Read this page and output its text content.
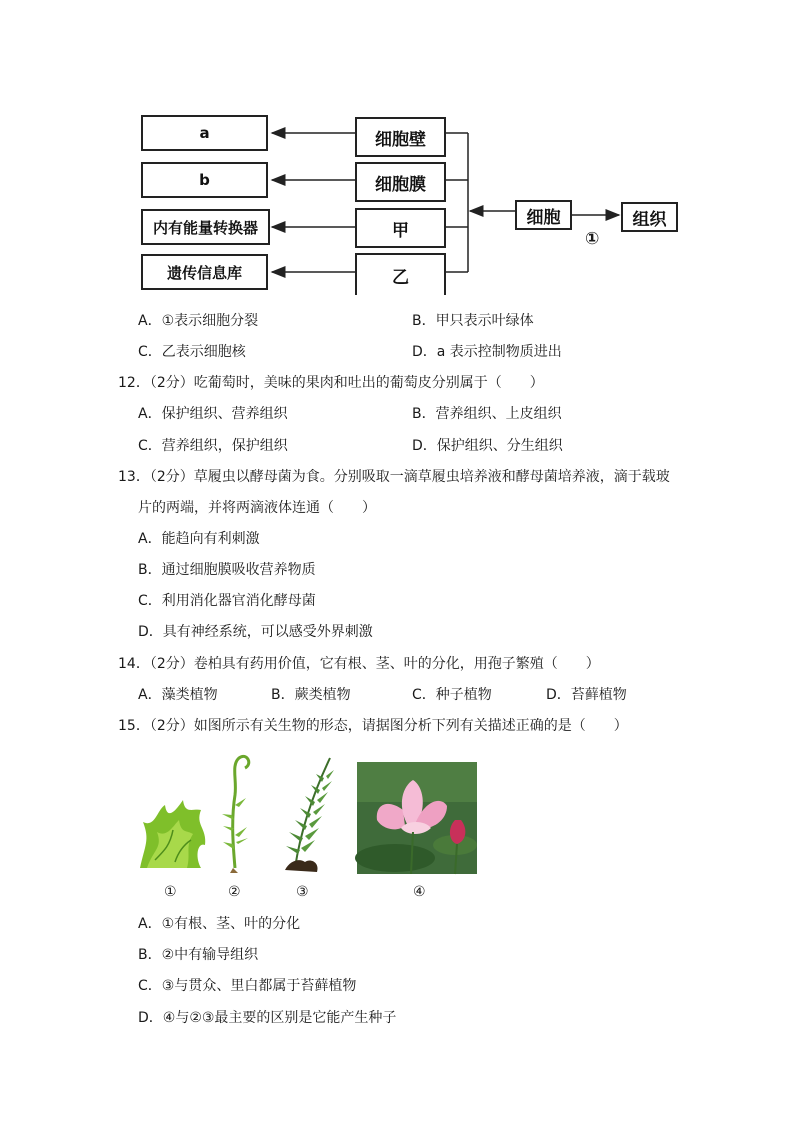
a
b
内有能量转换器
遗传信息库
细胞壁
细胞膜
甲
乙
细胞	组织
①
A．①表示细胞分裂	B．甲只表示叶绿体
C．乙表示细胞核	D．a 表示控制物质进出
12．（2分）吃葡萄时，美味的果肉和吐出的葡萄皮分别属于（　　）
A．保护组织、营养组织	B．营养组织、上皮组织
C．营养组织，保护组织	D．保护组织、分生组织
13．（2分）草履虫以酵母菌为食。分别吸取一滴草履虫培养液和酵母菌培养液，滴于载玻
片的两端，并将两滴液体连通（　　）
A．能趋向有利刺激
B．通过细胞膜吸收营养物质
C．利用消化器官消化酵母菌
D．具有神经系统，可以感受外界刺激
14．（2分）卷柏具有药用价值，它有根、茎、叶的分化，用孢子繁殖（　　）
A．藻类植物	B．蕨类植物	C．种子植物	D．苔藓植物
15．（2分）如图所示有关生物的形态，请据图分析下列有关描述正确的是（　　）
①	②	③	④
A．①有根、茎、叶的分化
B．②中有输导组织
C．③与贯众、里白都属于苔藓植物
D．④与②③最主要的区别是它能产生种子
